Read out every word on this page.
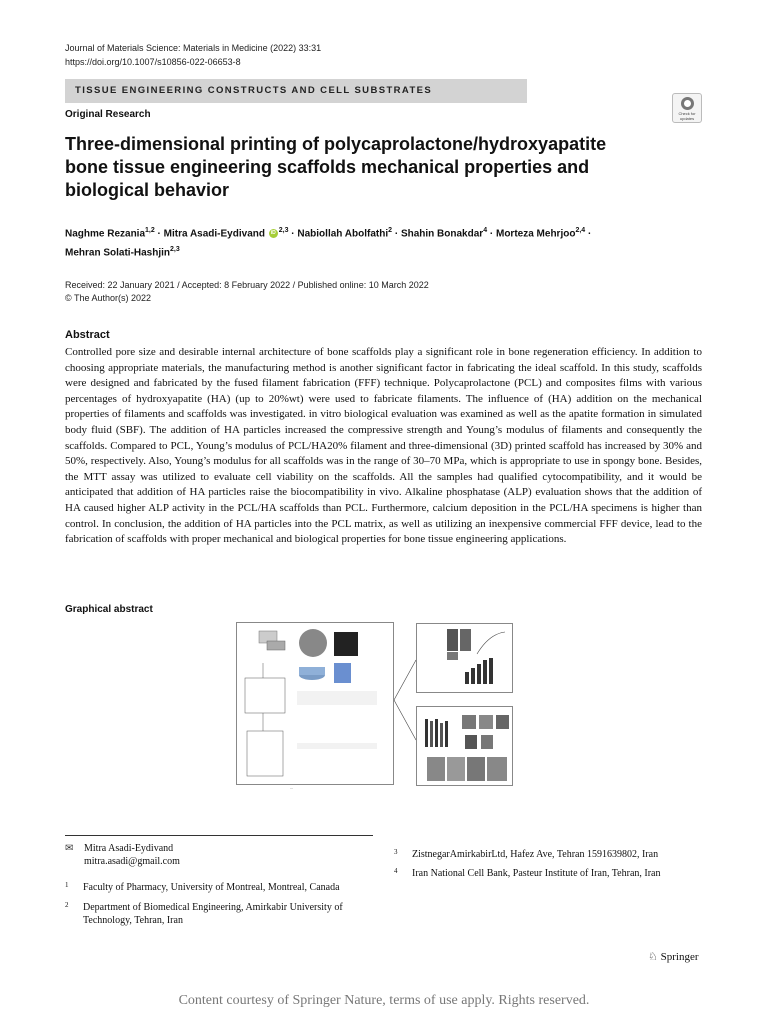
Journal of Materials Science: Materials in Medicine (2022) 33:31
https://doi.org/10.1007/s10856-022-06653-8
TISSUE ENGINEERING CONSTRUCTS AND CELL SUBSTRATES
Check for updates
Original Research
Three-dimensional printing of polycaprolactone/hydroxyapatite bone tissue engineering scaffolds mechanical properties and biological behavior
Naghme Rezania$^{1,2}$ · Mitra Asadi-Eydivand iD $^{2,3}$ · Nabiollah Abolfathi$^2$ · Shahin Bonakdar$^4$ · Morteza Mehrjoo$^{2,4}$ ·
Mehran Solati-Hashjin$^{2,3}$
Received: 22 January 2021 / Accepted: 8 February 2022 / Published online: 10 March 2022
© The Author(s) 2022
Abstract

Controlled pore size and desirable internal architecture of bone scaffolds play a significant role in bone regeneration efficiency. In addition to choosing appropriate materials, the manufacturing method is another significant factor in fabricating the ideal scaffold. In this study, scaffolds were designed and fabricated by the fused filament fabrication (FFF) technique. Polycaprolactone (PCL) and composites films with various percentages of hydroxyapatite (HA) (up to 20%wt) were used to fabricate filaments. The influence of (HA) addition on the mechanical properties of filaments and scaffolds was investigated. in vitro biological evaluation was examined as well as the apatite formation in simulated body fluid (SBF). The addition of HA particles increased the compressive strength and Young’s modulus of filaments and consequently the scaffolds. Compared to PCL, Young’s modulus of PCL/HA20% filament and three-dimensional (3D) printed scaffold has increased by 30% and 50%, respectively. Also, Young’s modulus for all scaffolds was in the range of 30–70 MPa, which is appropriate to use in spongy bone. Besides, the MTT assay was utilized to evaluate cell viability on the scaffolds. All the samples had qualified cytocompatibility, and it would be anticipated that addition of HA particles raise the biocompatibility in vivo. Alkaline phosphatase (ALP) evaluation shows that the addition of HA caused higher ALP activity in the PCL/HA scaffolds than PCL. Furthermore, calcium deposition in the PCL/HA specimens is higher than control. In conclusion, the addition of HA particles into the PCL matrix, as well as utilizing an inexpensive commercial FFF device, lead to the fabrication of scaffolds with proper mechanical and biological properties for bone tissue engineering applications.

Graphical abstract
—
✉ Mitra Asadi-Eydivand
mitra.asadi@gmail.com
1 Faculty of Pharmacy, University of Montreal, Montreal, Canada
2 Department of Biomedical Engineering, Amirkabir University of
Technology, Tehran, Iran
3 ZistnegarAmirkabirLtd, Hafez Ave, Tehran 1591639802, Iran
4 Iran National Cell Bank, Pasteur Institute of Iran, Tehran, Iran
♘ Springer
Content courtesy of Springer Nature, terms of use apply. Rights reserved.
